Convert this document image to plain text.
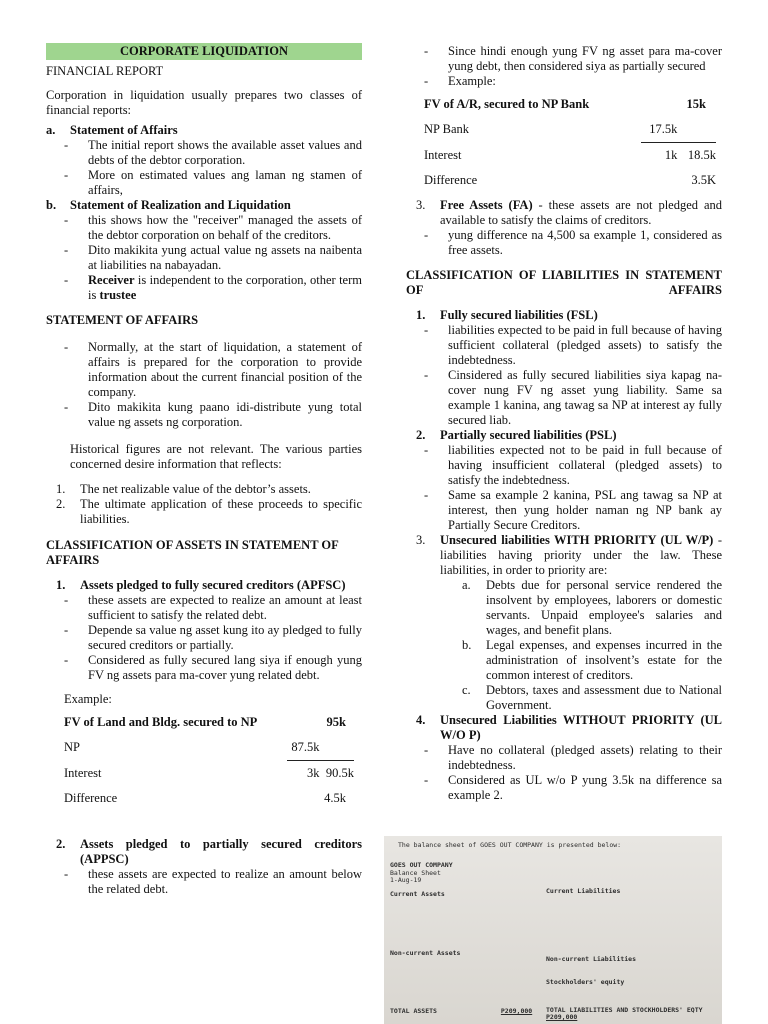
CORPORATE LIQUIDATION

FINANCIAL REPORT

Corporation in liquidation usually prepares two classes of financial reports:

a. Statement of Affairs

- The initial report shows the available asset values and debts of the debtor corporation.

- More on estimated values ang laman ng stamen of affairs,

b. Statement of Realization and Liquidation

- this shows how the "receiver" managed the assets of the debtor corporation on behalf of the creditors.

- Dito makikita yung actual value ng assets na naibenta at liabilities na nabayadan.

- Receiver is independent to the corporation, other term is trustee

STATEMENT OF AFFAIRS

- Normally, at the start of liquidation, a statement of affairs is prepared for the corporation to provide information about the current financial position of the company.

- Dito makikita kung paano idi-distribute yung total value ng assets ng corporation.

Historical figures are not relevant. The various parties concerned desire information that reflects:

1. The net realizable value of the debtor’s assets.
2. The ultimate application of these proceeds to specific liabilities.

CLASSIFICATION OF ASSETS IN STATEMENT OF AFFAIRS

1. Assets pledged to fully secured creditors (APFSC)

- these assets are expected to realize an amount at least sufficient to satisfy the related debt.

- Depende sa value ng asset kung ito ay pledged to fully secured creditors or partially.

- Considered as fully secured lang siya if enough yung FV ng assets para ma-cover yung related debt.

Example:

FV of Land and Bldg. secured to NP		95k
NP	87.5k	
Interest	3k	90.5k
Difference		4.5k
2. Assets pledged to partially secured creditors (APPSC)

- these assets are expected to realize an amount below the related debt.

- Since hindi enough yung FV ng asset para ma-cover yung debt, then considered siya as partially secured

- Example:

FV of A/R, secured to NP Bank		15k
NP Bank	17.5k	
Interest	1k	18.5k
Difference		3.5K
3. Free Assets (FA) - these assets are not pledged and available to satisfy the claims of creditors.

- yung difference na 4,500 sa example 1, considered as free assets.

CLASSIFICATION OF LIABILITIES IN STATEMENT OF AFFAIRS

1. Fully secured liabilities (FSL)

- liabilities expected to be paid in full because of having sufficient collateral (pledged assets) to satisfy the indebtedness.

- Cinsidered as fully secured liabilities siya kapag na-cover nung FV ng asset yung liability. Same sa example 1 kanina, ang tawag sa NP at interest ay fully secured liab.

2. Partially secured liabilities (PSL)

- liabilities expected not to be paid in full because of having insufficient collateral (pledged assets) to satisfy the indebtedness.

- Same sa example 2 kanina, PSL ang tawag sa NP at interest, then yung holder naman ng NP bank ay Partially Secure Creditors.

3. Unsecured liabilities WITH PRIORITY (UL W/P) - liabilities having priority under the law. These liabilities, in order to priority are:
a. Debts due for personal service rendered the insolvent by employees, laborers or domestic servants. Unpaid employee's salaries and wages, and benefit plans.
b. Legal expenses, and expenses incurred in the administration of insolvent’s estate for the common interest of creditors.
c. Debtors, taxes and assessment due to National Government.
4. Unsecured Liabilities WITHOUT PRIORITY (UL W/O P)

- Have no collateral (pledged assets) relating to their indebtedness.

- Considered as UL w/o P yung 3.5k na difference sa example 2.

The balance sheet of GOES OUT COMPANY is presented below:
GOES OUT COMPANY
Balance Sheet
1-Aug-19
Current Assets
Non-current Assets
TOTAL ASSETS	P209,000
Current Liabilities
Non-current Liabilities
Stockholders' equity
TOTAL LIABILITIES AND STOCKHOLDERS' EQTY P209,000
